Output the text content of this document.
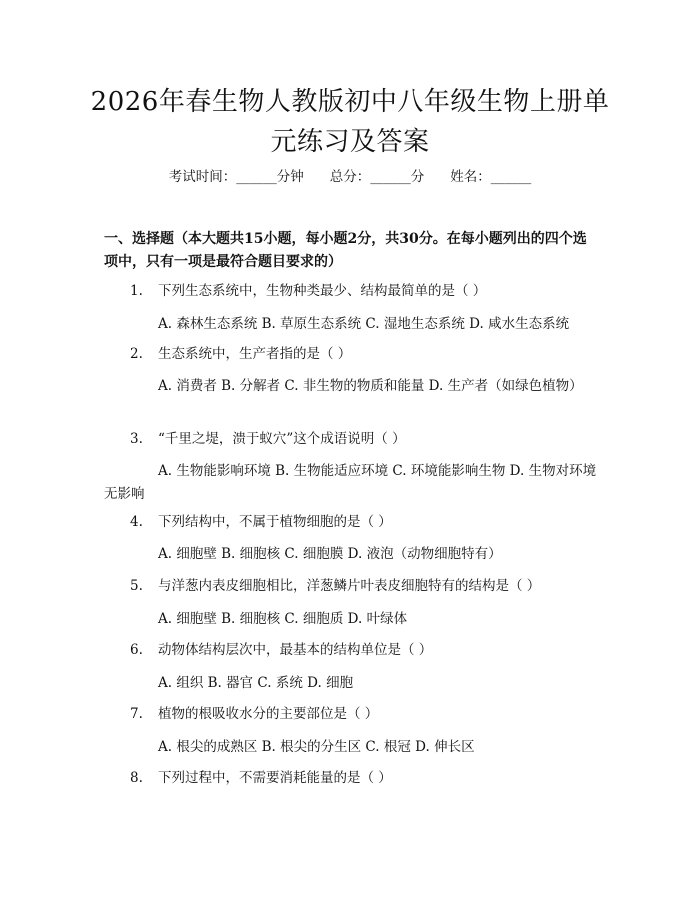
2026年春生物人教版初中八年级生物上册单元练习及答案
考试时间：______分钟 总分：______分 姓名：______
一、选择题（本大题共15小题，每小题2分，共30分。在每小题列出的四个选项中，只有一项是最符合题目要求的）
1. 下列生态系统中，生物种类最少、结构最简单的是（ ）
A. 森林生态系统 B. 草原生态系统 C. 湿地生态系统 D. 咸水生态系统
2. 生态系统中，生产者指的是（ ）
A. 消费者 B. 分解者 C. 非生物的物质和能量 D. 生产者（如绿色植物）
3. “千里之堤，溃于蚁穴”这个成语说明（ ）
A. 生物能影响环境 B. 生物能适应环境 C. 环境能影响生物 D. 生物对环境无影响
4. 下列结构中，不属于植物细胞的是（ ）
A. 细胞壁 B. 细胞核 C. 细胞膜 D. 液泡（动物细胞特有）
5. 与洋葱内表皮细胞相比，洋葱鳞片叶表皮细胞特有的结构是（ ）
A. 细胞壁 B. 细胞核 C. 细胞质 D. 叶绿体
6. 动物体结构层次中，最基本的结构单位是（ ）
A. 组织 B. 器官 C. 系统 D. 细胞
7. 植物的根吸收水分的主要部位是（ ）
A. 根尖的成熟区 B. 根尖的分生区 C. 根冠 D. 伸长区
8. 下列过程中，不需要消耗能量的是（ ）
